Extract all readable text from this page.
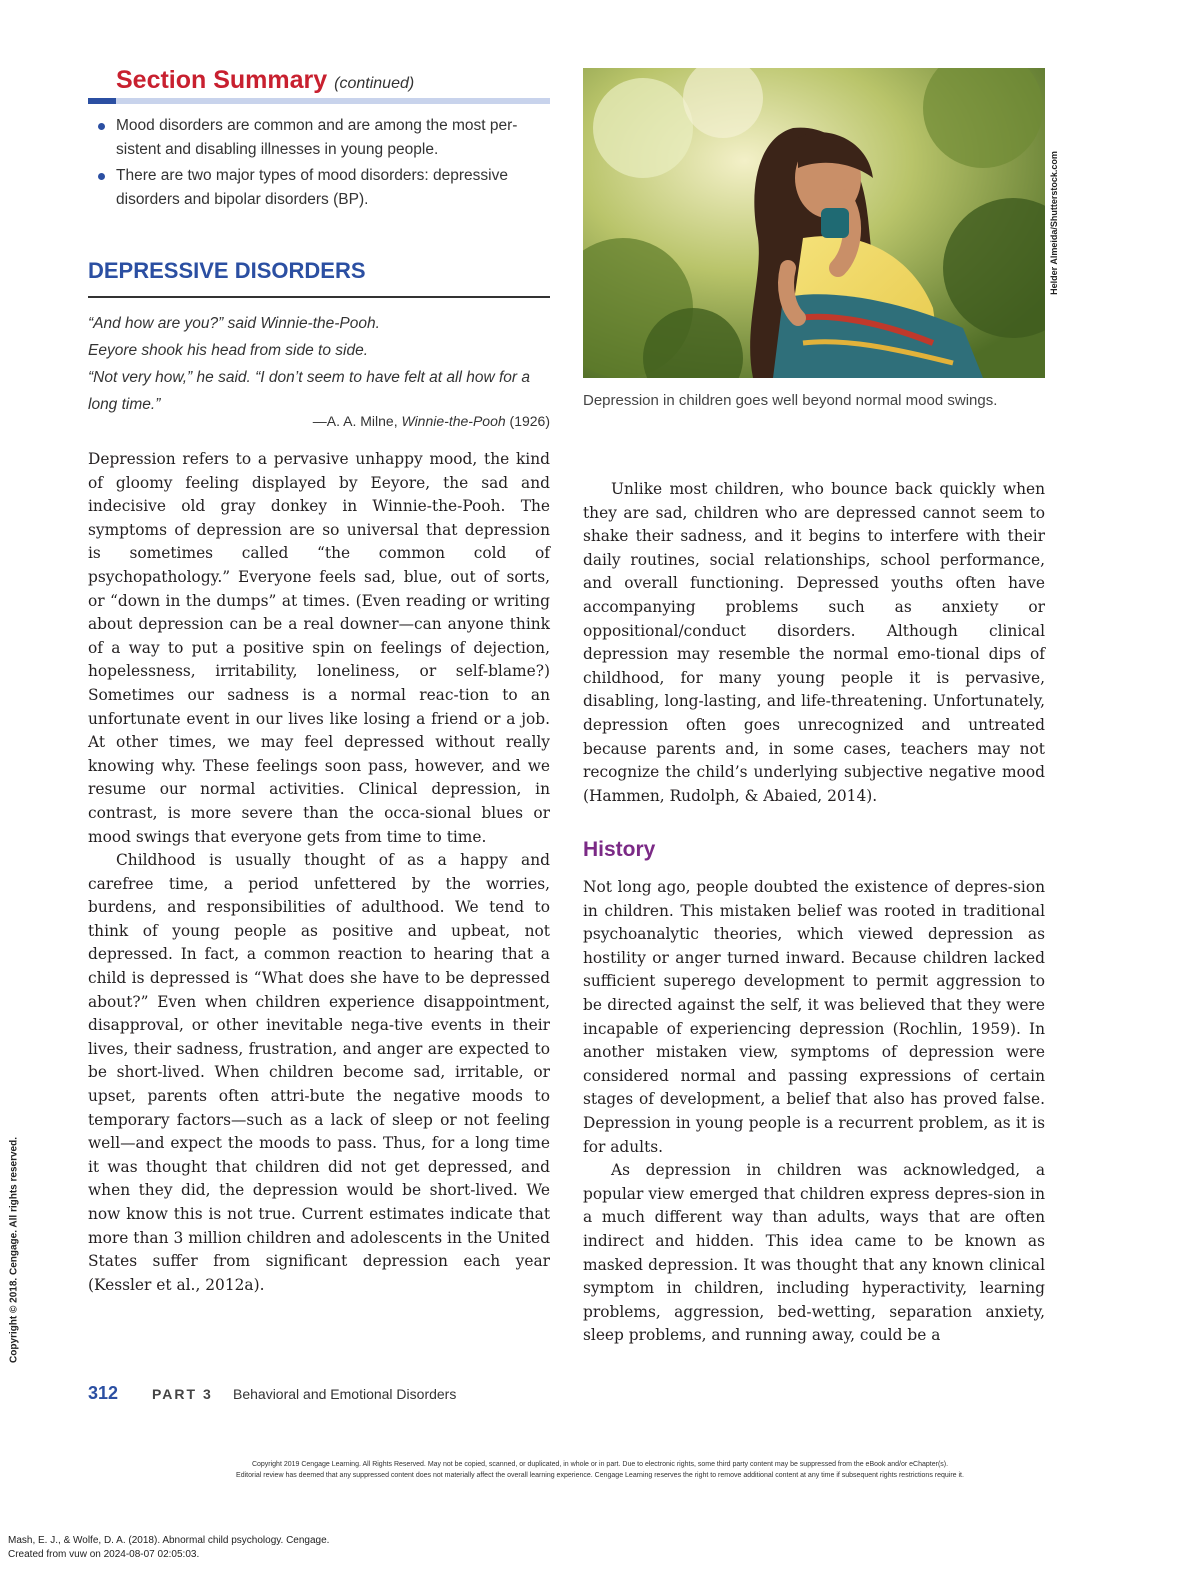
Section Summary (continued)
Mood disorders are common and are among the most per-sistent and disabling illnesses in young people.
There are two major types of mood disorders: depressive disorders and bipolar disorders (BP).
DEPRESSIVE DISORDERS

“And how are you?” said Winnie-the-Pooh.

Eeyore shook his head from side to side.

“Not very how,” he said. “I don’t seem to have felt at all how for a long time.”

—A. A. Milne, Winnie-the-Pooh (1926)

Depression refers to a pervasive unhappy mood, the kind of gloomy feeling displayed by Eeyore, the sad and indecisive old gray donkey in Winnie-the-Pooh. The symptoms of depression are so universal that depression is sometimes called “the common cold of psychopathology.” Everyone feels sad, blue, out of sorts, or “down in the dumps” at times. (Even reading or writing about depression can be a real downer—can anyone think of a way to put a positive spin on feelings of dejection, hopelessness, irritability, loneliness, or self-blame?) Sometimes our sadness is a normal reac-tion to an unfortunate event in our lives like losing a friend or a job. At other times, we may feel depressed without really knowing why. These feelings soon pass, however, and we resume our normal activities. Clinical depression, in contrast, is more severe than the occa-sional blues or mood swings that everyone gets from time to time.

Childhood is usually thought of as a happy and carefree time, a period unfettered by the worries, burdens, and responsibilities of adulthood. We tend to think of young people as positive and upbeat, not depressed. In fact, a common reaction to hearing that a child is depressed is “What does she have to be depressed about?” Even when children experience disappointment, disapproval, or other inevitable nega-tive events in their lives, their sadness, frustration, and anger are expected to be short-lived. When children become sad, irritable, or upset, parents often attri-bute the negative moods to temporary factors—such as a lack of sleep or not feeling well—and expect the moods to pass. Thus, for a long time it was thought that children did not get depressed, and when they did, the depression would be short-lived. We now know this is not true. Current estimates indicate that more than 3 million children and adolescents in the United States suffer from significant depression each year (Kessler et al., 2012a).

Helder Almeida/Shutterstock.com
Depression in children goes well beyond normal mood swings.

Unlike most children, who bounce back quickly when they are sad, children who are depressed cannot seem to shake their sadness, and it begins to interfere with their daily routines, social relationships, school performance, and overall functioning. Depressed youths often have accompanying problems such as anxiety or oppositional/conduct disorders. Although clinical depression may resemble the normal emo-tional dips of childhood, for many young people it is pervasive, disabling, long-lasting, and life-threatening. Unfortunately, depression often goes unrecognized and untreated because parents and, in some cases, teachers may not recognize the child’s underlying subjective negative mood (Hammen, Rudolph, & Abaied, 2014).

History

Not long ago, people doubted the existence of depres-sion in children. This mistaken belief was rooted in traditional psychoanalytic theories, which viewed depression as hostility or anger turned inward. Because children lacked sufficient superego development to permit aggression to be directed against the self, it was believed that they were incapable of experiencing depression (Rochlin, 1959). In another mistaken view, symptoms of depression were considered normal and passing expressions of certain stages of development, a belief that also has proved false. Depression in young people is a recurrent problem, as it is for adults.

As depression in children was acknowledged, a popular view emerged that children express depres-sion in a much different way than adults, ways that are often indirect and hidden. This idea came to be known as masked depression. It was thought that any known clinical symptom in children, including hyperactivity, learning problems, aggression, bed-wetting, separation anxiety, sleep problems, and running away, could be a

312 PART 3 Behavioral and Emotional Disorders
Copyright © 2018. Cengage. All rights reserved.
Copyright 2019 Cengage Learning. All Rights Reserved. May not be copied, scanned, or duplicated, in whole or in part. Due to electronic rights, some third party content may be suppressed from the eBook and/or eChapter(s).
Editorial review has deemed that any suppressed content does not materially affect the overall learning experience. Cengage Learning reserves the right to remove additional content at any time if subsequent rights restrictions require it.
Mash, E. J., & Wolfe, D. A. (2018). Abnormal child psychology. Cengage.
Created from vuw on 2024-08-07 02:05:03.
